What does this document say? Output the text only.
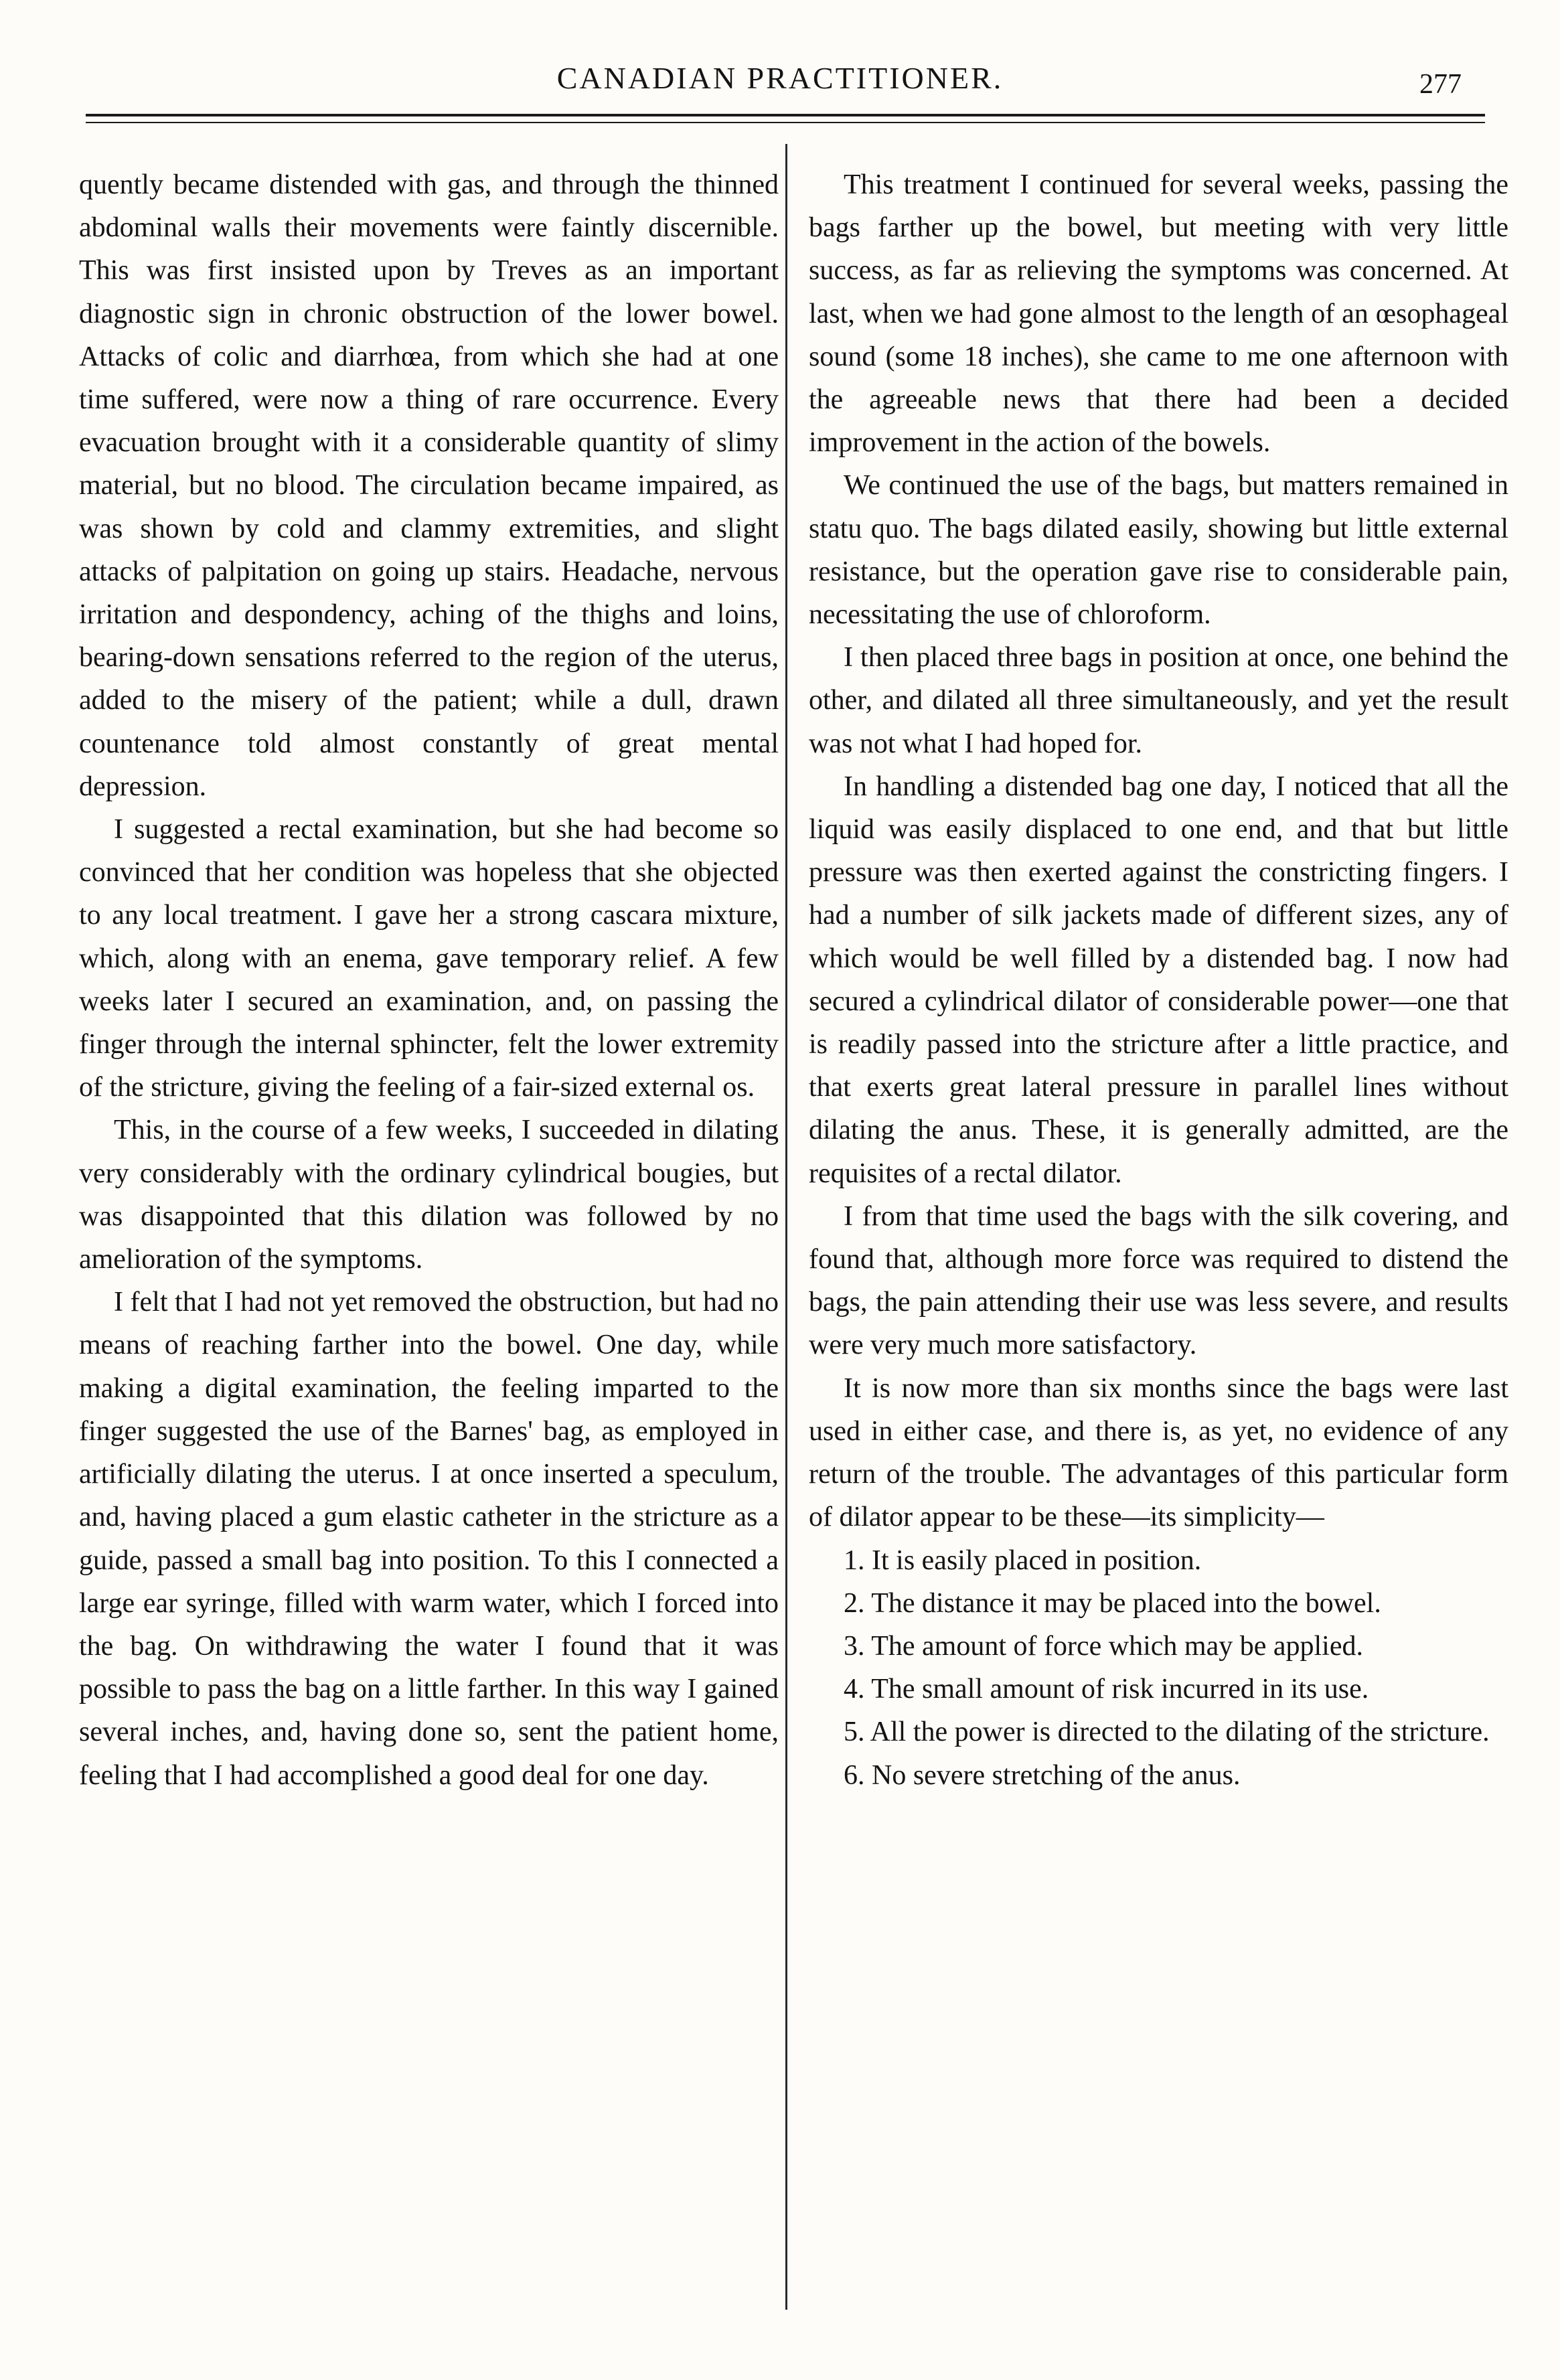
CANADIAN PRACTITIONER.	277

quently became distended with gas, and through the thinned abdominal walls their movements were faintly discernible. This was first insisted upon by Treves as an important diagnostic sign in chronic obstruction of the lower bowel. Attacks of colic and diarrhœa, from which she had at one time suffered, were now a thing of rare occurrence. Every evacuation brought with it a considerable quantity of slimy material, but no blood. The circulation became impaired, as was shown by cold and clammy extremities, and slight attacks of palpitation on going up stairs. Headache, nervous irritation and despondency, aching of the thighs and loins, bearing-down sensations referred to the region of the uterus, added to the misery of the patient; while a dull, drawn countenance told almost constantly of great mental depression.

I suggested a rectal examination, but she had become so convinced that her condition was hopeless that she objected to any local treatment. I gave her a strong cascara mixture, which, along with an enema, gave temporary relief. A few weeks later I secured an examination, and, on passing the finger through the internal sphincter, felt the lower extremity of the stricture, giving the feeling of a fair-sized external os.

This, in the course of a few weeks, I succeeded in dilating very considerably with the ordinary cylindrical bougies, but was disappointed that this dilation was followed by no amelioration of the symptoms.

I felt that I had not yet removed the obstruction, but had no means of reaching farther into the bowel. One day, while making a digital examination, the feeling imparted to the finger suggested the use of the Barnes' bag, as employed in artificially dilating the uterus. I at once inserted a speculum, and, having placed a gum elastic catheter in the stricture as a guide, passed a small bag into position. To this I connected a large ear syringe, filled with warm water, which I forced into the bag. On withdrawing the water I found that it was possible to pass the bag on a little farther. In this way I gained several inches, and, having done so, sent the patient home, feeling that I had accomplished a good deal for one day.

This treatment I continued for several weeks, passing the bags farther up the bowel, but meeting with very little success, as far as relieving the symptoms was concerned. At last, when we had gone almost to the length of an œsophageal sound (some 18 inches), she came to me one afternoon with the agreeable news that there had been a decided improvement in the action of the bowels.

We continued the use of the bags, but matters remained in statu quo. The bags dilated easily, showing but little external resistance, but the operation gave rise to considerable pain, necessitating the use of chloroform.

I then placed three bags in position at once, one behind the other, and dilated all three simultaneously, and yet the result was not what I had hoped for.

In handling a distended bag one day, I noticed that all the liquid was easily displaced to one end, and that but little pressure was then exerted against the constricting fingers. I had a number of silk jackets made of different sizes, any of which would be well filled by a distended bag. I now had secured a cylindrical dilator of considerable power—one that is readily passed into the stricture after a little practice, and that exerts great lateral pressure in parallel lines without dilating the anus. These, it is generally admitted, are the requisites of a rectal dilator.

I from that time used the bags with the silk covering, and found that, although more force was required to distend the bags, the pain attending their use was less severe, and results were very much more satisfactory.

It is now more than six months since the bags were last used in either case, and there is, as yet, no evidence of any return of the trouble. The advantages of this particular form of dilator appear to be these—its simplicity—

1. It is easily placed in position.

2. The distance it may be placed into the bowel.

3. The amount of force which may be applied.

4. The small amount of risk incurred in its use.

5. All the power is directed to the dilating of the stricture.

6. No severe stretching of the anus.
